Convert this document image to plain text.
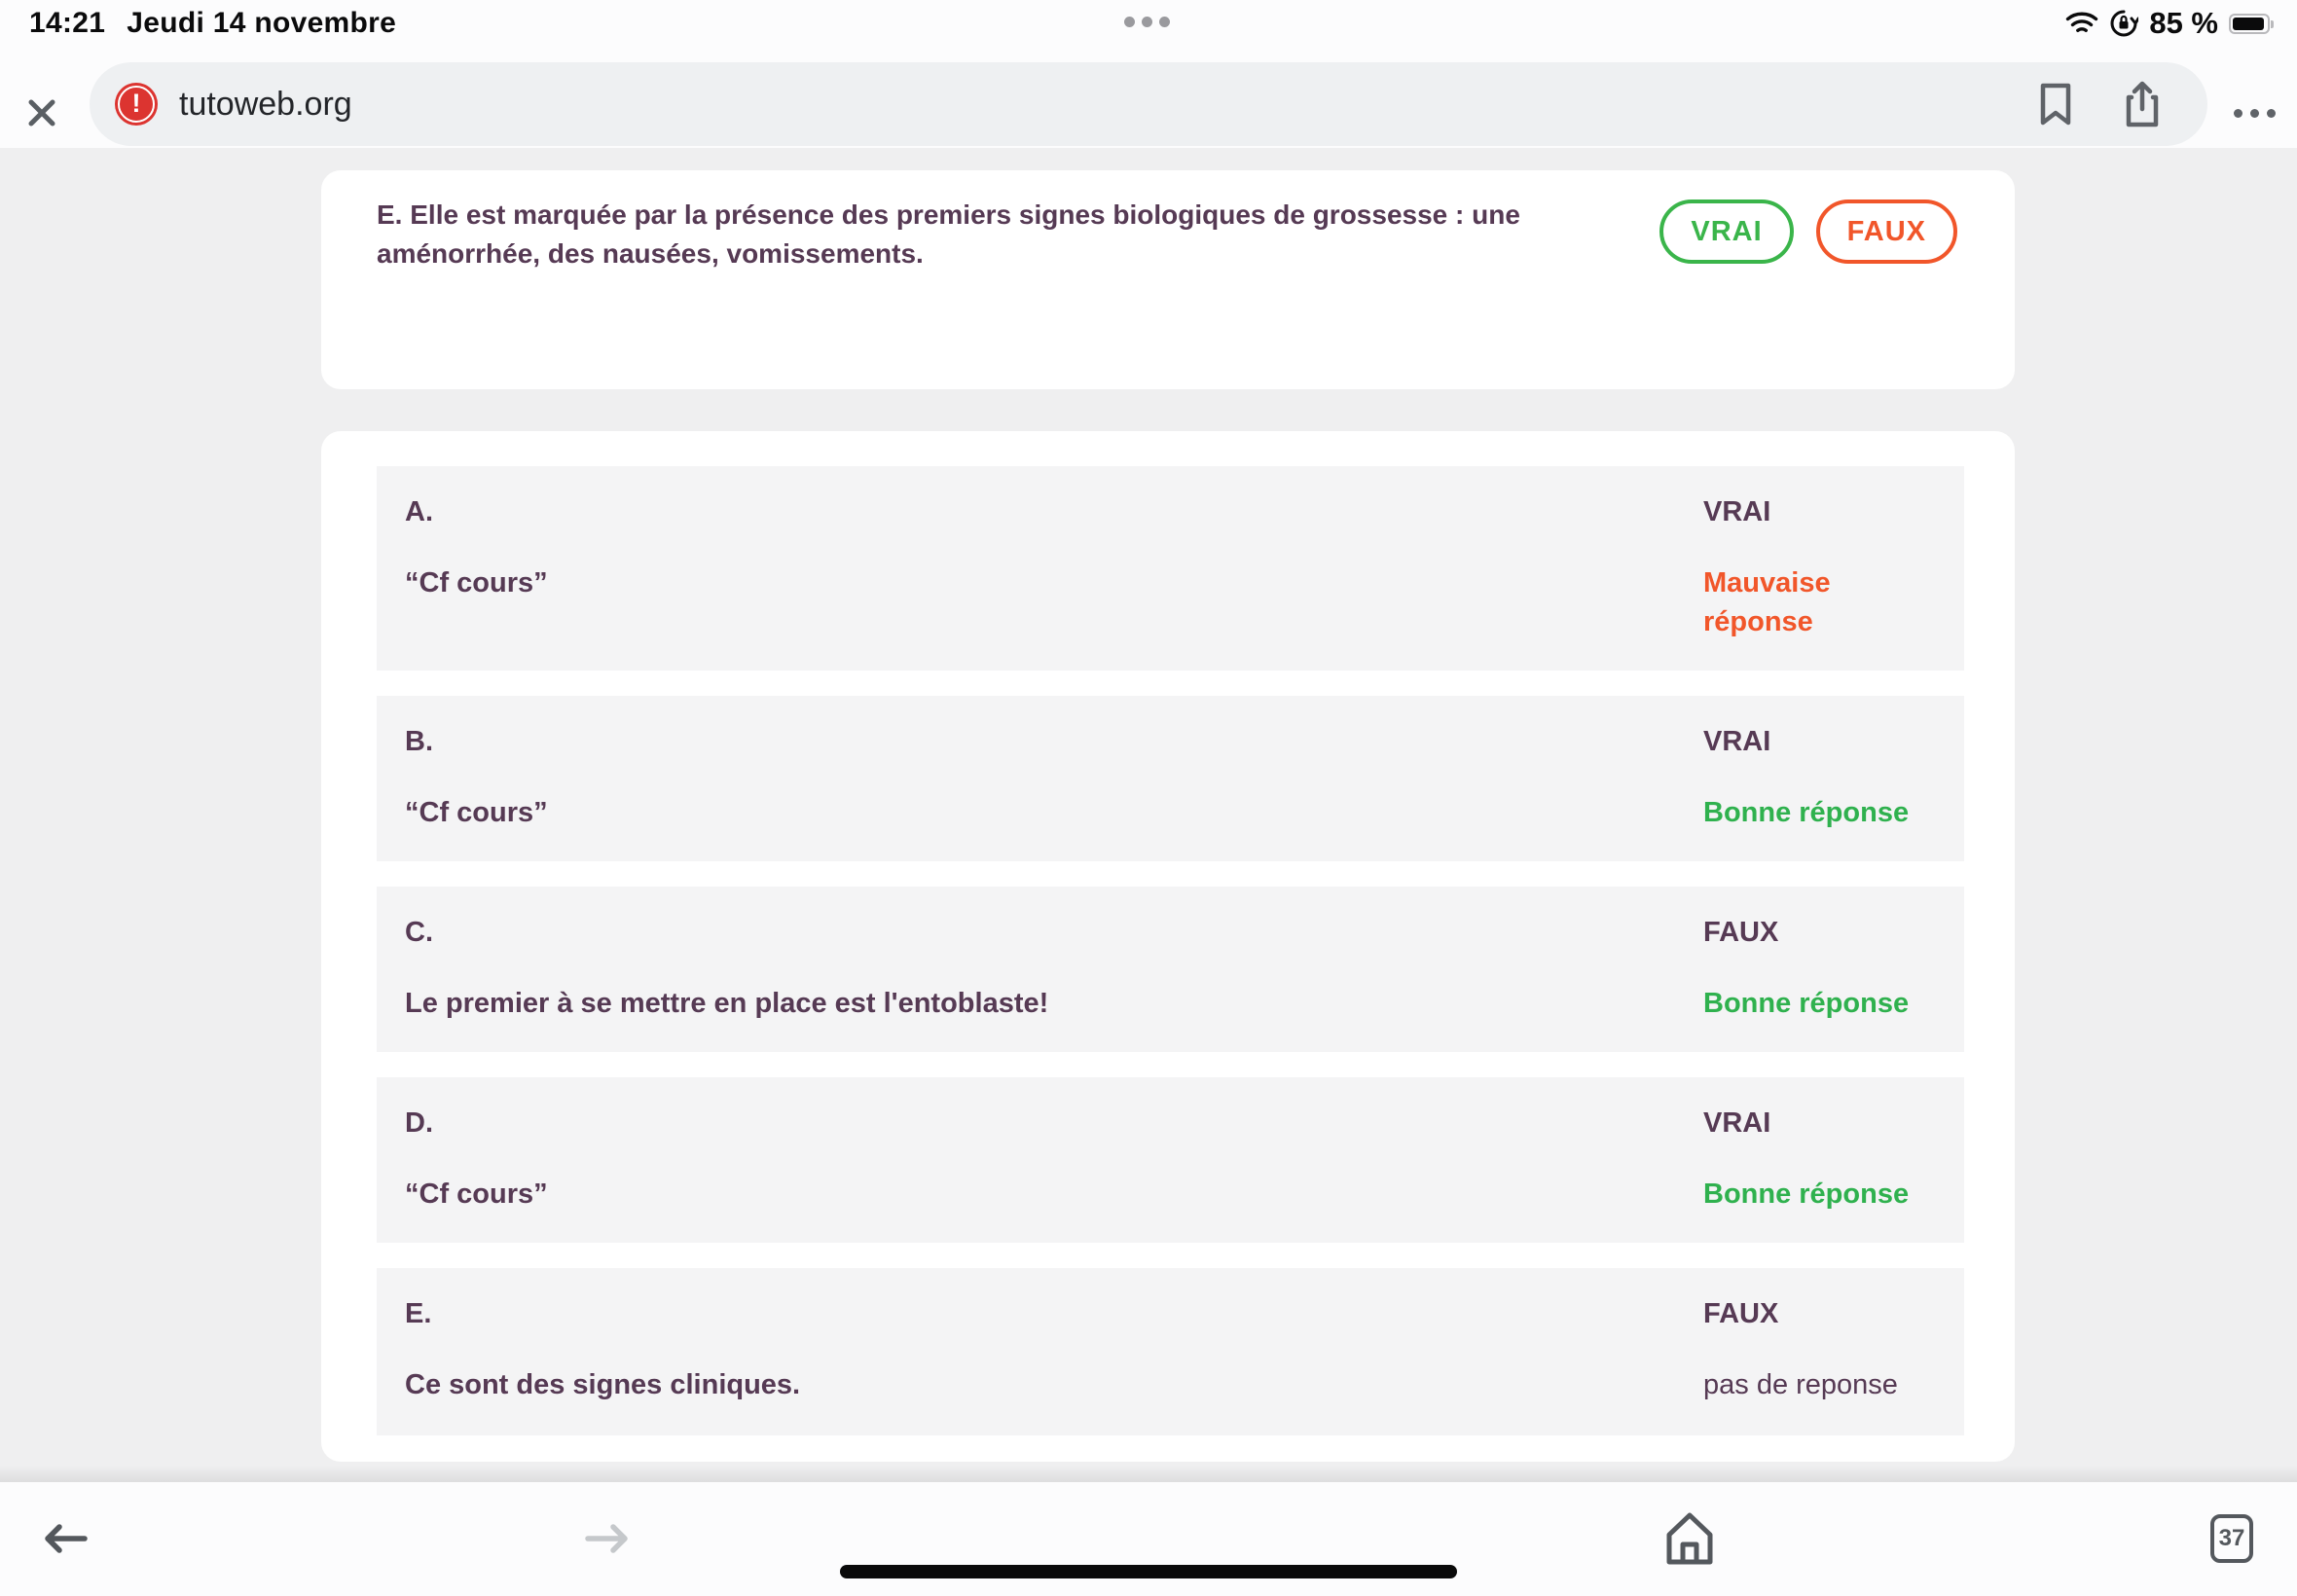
14:21 Jeudi 14 novembre	85 %
!
tutoweb.org
E. Elle est marquée par la présence des premiers signes biologiques de grossesse : une aménorrhée, des nausées, vomissements.
VRAI	FAUX
A.
“Cf cours”
VRAI
Mauvaise réponse
B.
“Cf cours”
VRAI
Bonne réponse
C.
Le premier à se mettre en place est l'entoblaste!
FAUX
Bonne réponse
D.
“Cf cours”
VRAI
Bonne réponse
E.
Ce sont des signes cliniques.
FAUX
pas de reponse
37
